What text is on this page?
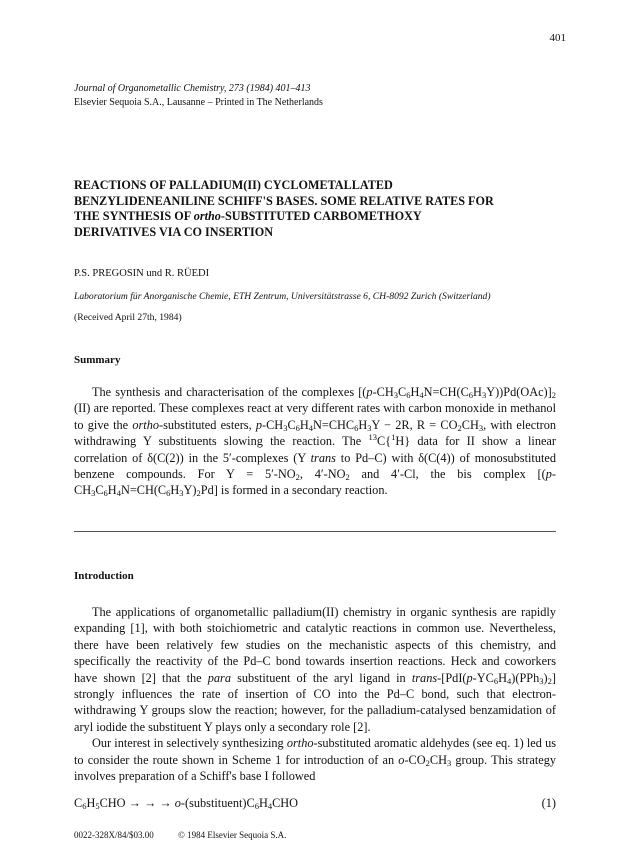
401
Journal of Organometallic Chemistry, 273 (1984) 401–413
Elsevier Sequoia S.A., Lausanne – Printed in The Netherlands
REACTIONS OF PALLADIUM(II) CYCLOMETALLATED
BENZYLIDENEANILINE SCHIFF'S BASES. SOME RELATIVE RATES FOR
THE SYNTHESIS OF ortho-SUBSTITUTED CARBOMETHOXY
DERIVATIVES VIA CO INSERTION
P.S. PREGOSIN und R. RÜEDI
Laboratorium für Anorganische Chemie, ETH Zentrum, Universitätstrasse 6, CH-8092 Zurich (Switzerland)
(Received April 27th, 1984)
Summary

The synthesis and characterisation of the complexes $[(p-CH_3C_6H_4N=CH(C_6H_3Y))Pd(OAc)]_2$ (II) are reported. These complexes react at very different rates with carbon monoxide in methanol to give the ortho-substituted esters, $p-CH_3C_6H_4N=CHC_6H_3Y - 2R$, $R = CO_2CH_3$, with electron withdrawing Y substituents slowing the reaction. The $^{13}$C{$^1$H} data for II show a linear correlation of δ(C(2)) in the 5′-complexes (Y trans to Pd–C) with δ(C(4)) of monosubstituted benzene compounds. For $Y = 5'-NO_2$, $4'-NO_2$ and 4′-Cl, the bis complex [$(p-CH_3C_6H_4N=CH(C_6H_3Y)_2Pd]$ is formed in a secondary reaction.

Introduction

The applications of organometallic palladium(II) chemistry in organic synthesis are rapidly expanding [1], with both stoichiometric and catalytic reactions in common use. Nevertheless, there have been relatively few studies on the mechanistic aspects of this chemistry, and specifically the reactivity of the Pd–C bond towards insertion reactions. Heck and coworkers have shown [2] that the para substituent of the aryl ligand in trans-$[PdI(p-YC_6H_4)(PPh_3)_2]$ strongly influences the rate of insertion of CO into the Pd–C bond, such that electron-withdrawing Y groups slow the reaction; however, for the palladium-catalysed benzamidation of aryl iodide the substituent Y plays only a secondary role [2].

Our interest in selectively synthesizing ortho-substituted aromatic aldehydes (see eq. 1) led us to consider the route shown in Scheme 1 for introduction of an $o-CO_2CH_3$ group. This strategy involves preparation of a Schiff's base I followed

$C_6H_5CHO$ → → → $o-(substituent)C_6H_4CHO$	(1)
0022-328X/84/$03.00	© 1984 Elsevier Sequoia S.A.
